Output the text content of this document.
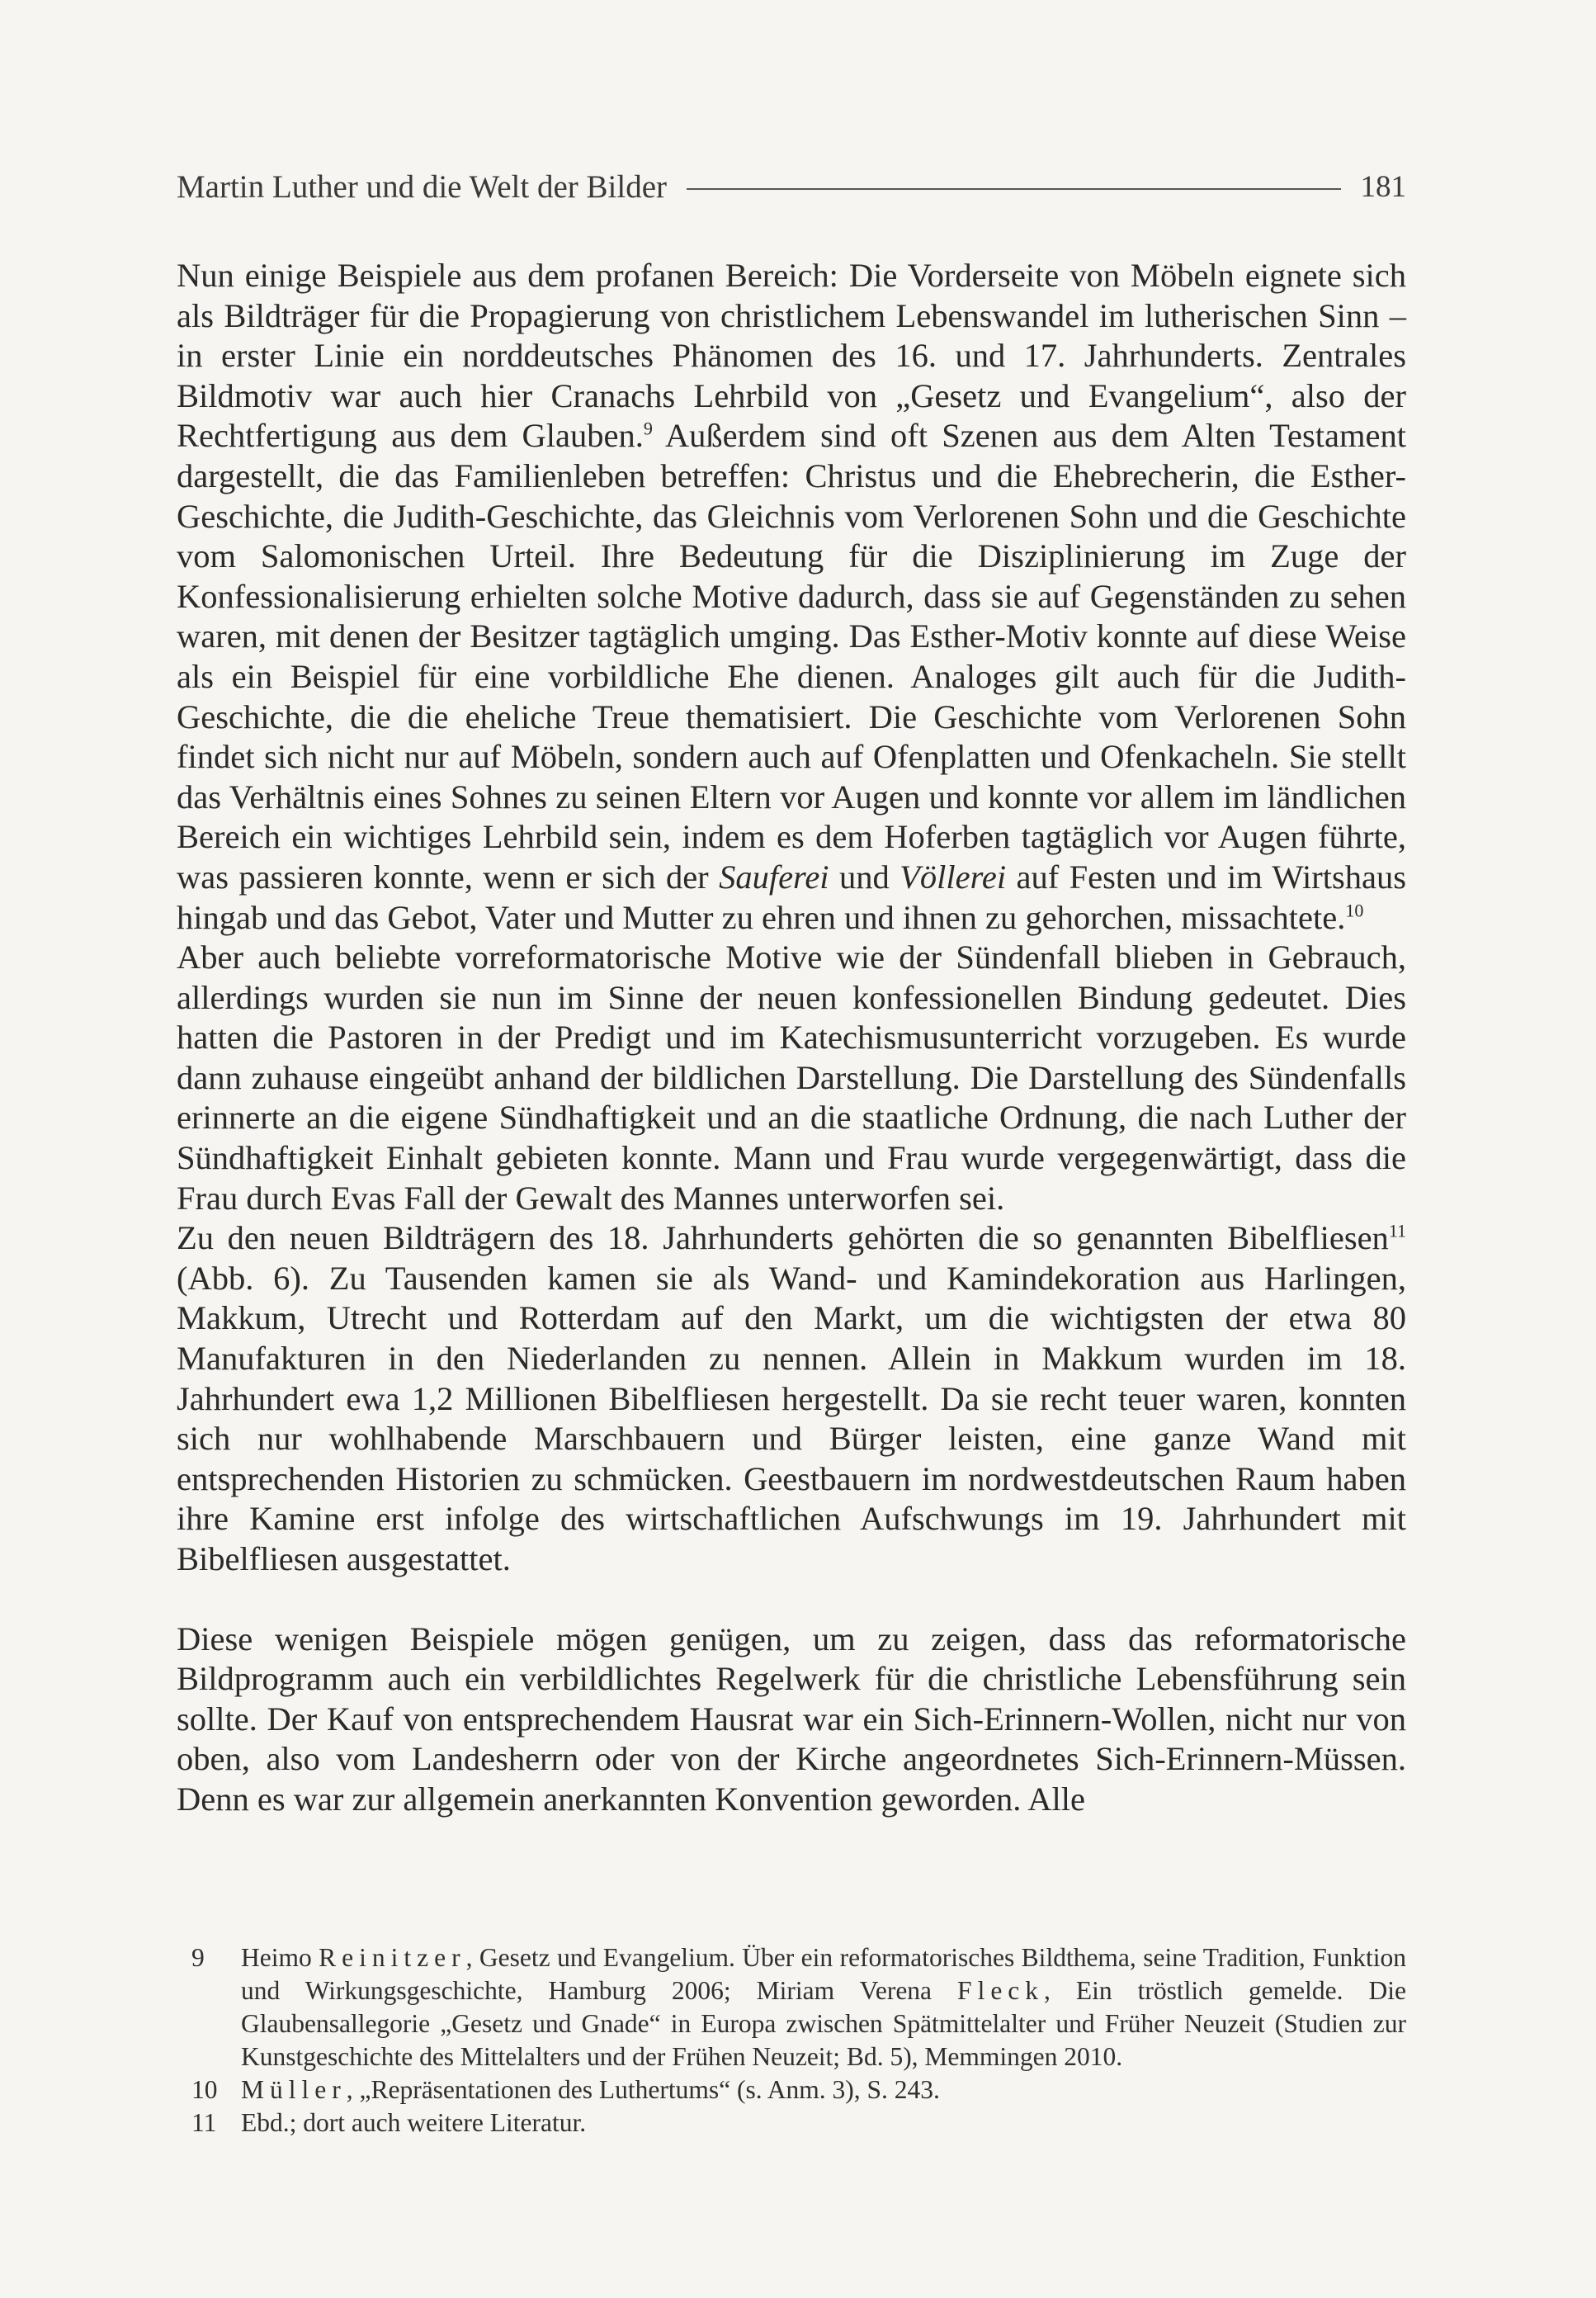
Martin Luther und die Welt der Bilder	181

Nun einige Beispiele aus dem profanen Bereich: Die Vorderseite von Möbeln eignete sich als Bildträger für die Propagierung von christlichem Lebenswandel im lutherischen Sinn – in erster Linie ein norddeutsches Phänomen des 16. und 17. Jahrhunderts. Zentrales Bildmotiv war auch hier Cranachs Lehrbild von „Gesetz und Evangelium“, also der Rechtfertigung aus dem Glauben.$^9$ Außerdem sind oft Szenen aus dem Alten Testament dargestellt, die das Familienleben betreffen: Christus und die Ehebrecherin, die Esther-Geschichte, die Judith-Geschichte, das Gleichnis vom Verlorenen Sohn und die Geschichte vom Salomonischen Urteil. Ihre Bedeutung für die Disziplinierung im Zuge der Konfessionalisierung erhielten solche Motive dadurch, dass sie auf Gegenständen zu sehen waren, mit denen der Besitzer tagtäglich umging. Das Esther-Motiv konnte auf diese Weise als ein Beispiel für eine vorbildliche Ehe dienen. Analoges gilt auch für die Judith-Geschichte, die die eheliche Treue thematisiert. Die Geschichte vom Verlorenen Sohn findet sich nicht nur auf Möbeln, sondern auch auf Ofenplatten und Ofenkacheln. Sie stellt das Verhältnis eines Sohnes zu seinen Eltern vor Augen und konnte vor allem im ländlichen Bereich ein wichtiges Lehrbild sein, indem es dem Hoferben tagtäglich vor Augen führte, was passieren konnte, wenn er sich der Sauferei und Völlerei auf Festen und im Wirtshaus hingab und das Gebot, Vater und Mutter zu ehren und ihnen zu gehorchen, missachtete.$^{10}$

Aber auch beliebte vorreformatorische Motive wie der Sündenfall blieben in Gebrauch, allerdings wurden sie nun im Sinne der neuen konfessionellen Bindung gedeutet. Dies hatten die Pastoren in der Predigt und im Katechismusunterricht vorzugeben. Es wurde dann zuhause eingeübt anhand der bildlichen Darstellung. Die Darstellung des Sündenfalls erinnerte an die eigene Sündhaftigkeit und an die staatliche Ordnung, die nach Luther der Sündhaftigkeit Einhalt gebieten konnte. Mann und Frau wurde vergegenwärtigt, dass die Frau durch Evas Fall der Gewalt des Mannes unterworfen sei.

Zu den neuen Bildträgern des 18. Jahrhunderts gehörten die so genannten Bibelfliesen$^{11}$ (Abb. 6). Zu Tausenden kamen sie als Wand- und Kamindekoration aus Harlingen, Makkum, Utrecht und Rotterdam auf den Markt, um die wichtigsten der etwa 80 Manufakturen in den Niederlanden zu nennen. Allein in Makkum wurden im 18. Jahrhundert ewa 1,2 Millionen Bibelfliesen hergestellt. Da sie recht teuer waren, konnten sich nur wohlhabende Marschbauern und Bürger leisten, eine ganze Wand mit entsprechenden Historien zu schmücken. Geestbauern im nordwestdeutschen Raum haben ihre Kamine erst infolge des wirtschaftlichen Aufschwungs im 19. Jahrhundert mit Bibelfliesen ausgestattet.

Diese wenigen Beispiele mögen genügen, um zu zeigen, dass das reformatorische Bildprogramm auch ein verbildlichtes Regelwerk für die christliche Lebensführung sein sollte. Der Kauf von entsprechendem Hausrat war ein Sich-Erinnern-Wollen, nicht nur von oben, also vom Landesherrn oder von der Kirche angeordnetes Sich-Erinnern-Müssen. Denn es war zur allgemein anerkannten Konvention geworden. Alle

9	Heimo Reinitzer, Gesetz und Evangelium. Über ein reformatorisches Bildthema, seine Tradition, Funktion und Wirkungsgeschichte, Hamburg 2006; Miriam Verena Fleck, Ein tröstlich gemelde. Die Glaubensallegorie „Gesetz und Gnade“ in Europa zwischen Spätmittelalter und Früher Neuzeit (Studien zur Kunstgeschichte des Mittelalters und der Frühen Neuzeit; Bd. 5), Memmingen 2010.
10 Müller, „Repräsentationen des Luthertums“ (s. Anm. 3), S. 243.
11 Ebd.; dort auch weitere Literatur.
